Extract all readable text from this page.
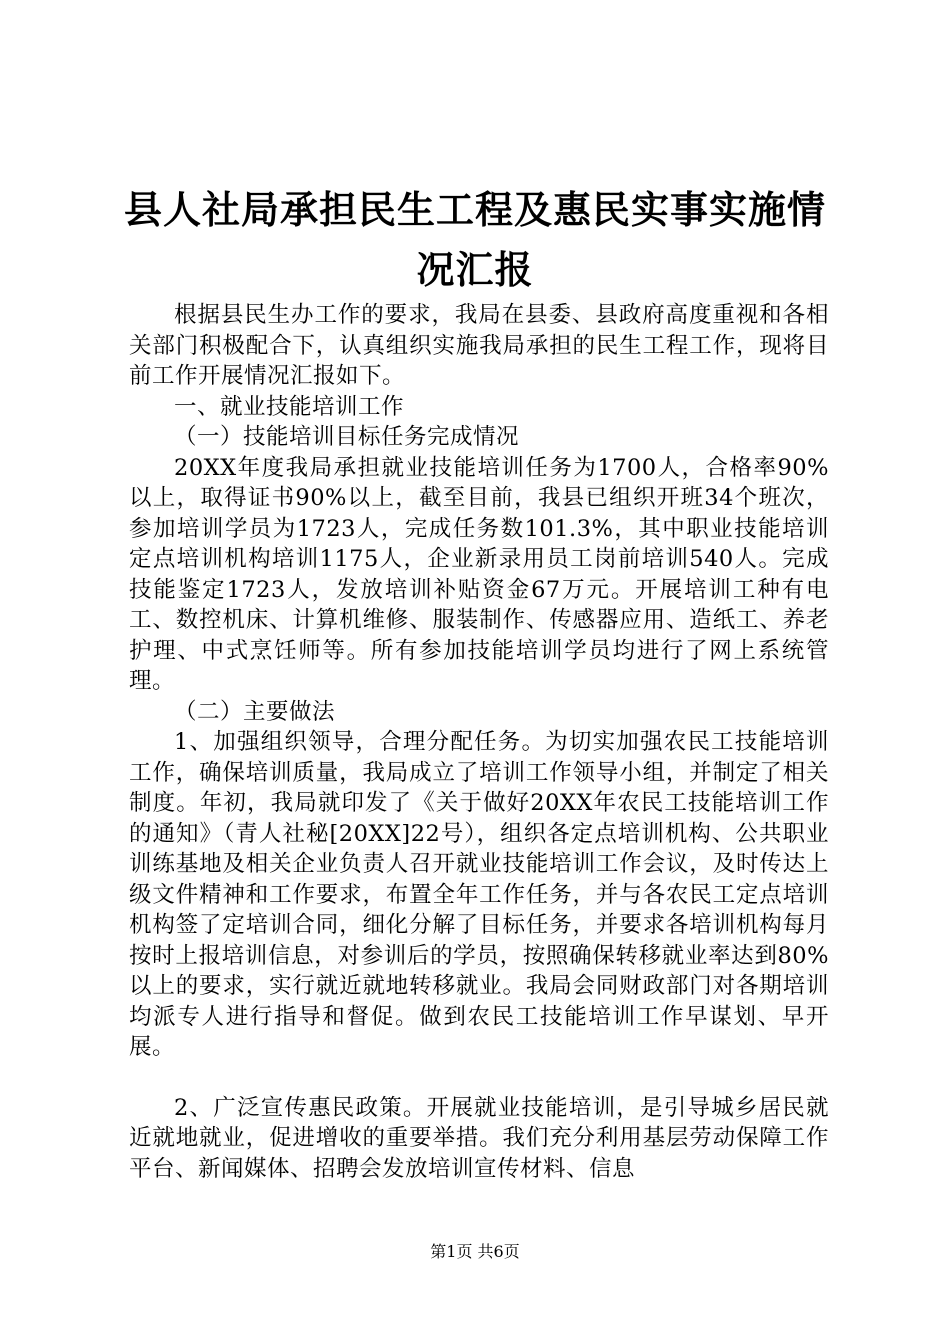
县人社局承担民生工程及惠民实事实施情况汇报

根据县民生办工作的要求，我局在县委、县政府高度重视和各相关部门积极配合下，认真组织实施我局承担的民生工程工作，现将目前工作开展情况汇报如下。

一、就业技能培训工作

（一）技能培训目标任务完成情况

20XX年度我局承担就业技能培训任务为1700人，合格率90%以上，取得证书90%以上，截至目前，我县已组织开班34个班次，参加培训学员为1723人，完成任务数101.3%，其中职业技能培训定点培训机构培训1175人，企业新录用员工岗前培训540人。完成技能鉴定1723人，发放培训补贴资金67万元。开展培训工种有电工、数控机床、计算机维修、服装制作、传感器应用、造纸工、养老护理、中式烹饪师等。所有参加技能培训学员均进行了网上系统管理。

（二）主要做法

1、加强组织领导，合理分配任务。为切实加强农民工技能培训工作，确保培训质量，我局成立了培训工作领导小组，并制定了相关制度。年初，我局就印发了《关于做好20XX年农民工技能培训工作的通知》（青人社秘[20XX]22号），组织各定点培训机构、公共职业训练基地及相关企业负责人召开就业技能培训工作会议，及时传达上级文件精神和工作要求，布置全年工作任务，并与各农民工定点培训机构签了定培训合同，细化分解了目标任务，并要求各培训机构每月按时上报培训信息，对参训后的学员，按照确保转移就业率达到80%以上的要求，实行就近就地转移就业。我局会同财政部门对各期培训均派专人进行指导和督促。做到农民工技能培训工作早谋划、早开展。

2、广泛宣传惠民政策。开展就业技能培训，是引导城乡居民就近就地就业，促进增收的重要举措。我们充分利用基层劳动保障工作平台、新闻媒体、招聘会发放培训宣传材料、信息

第1页 共6页
